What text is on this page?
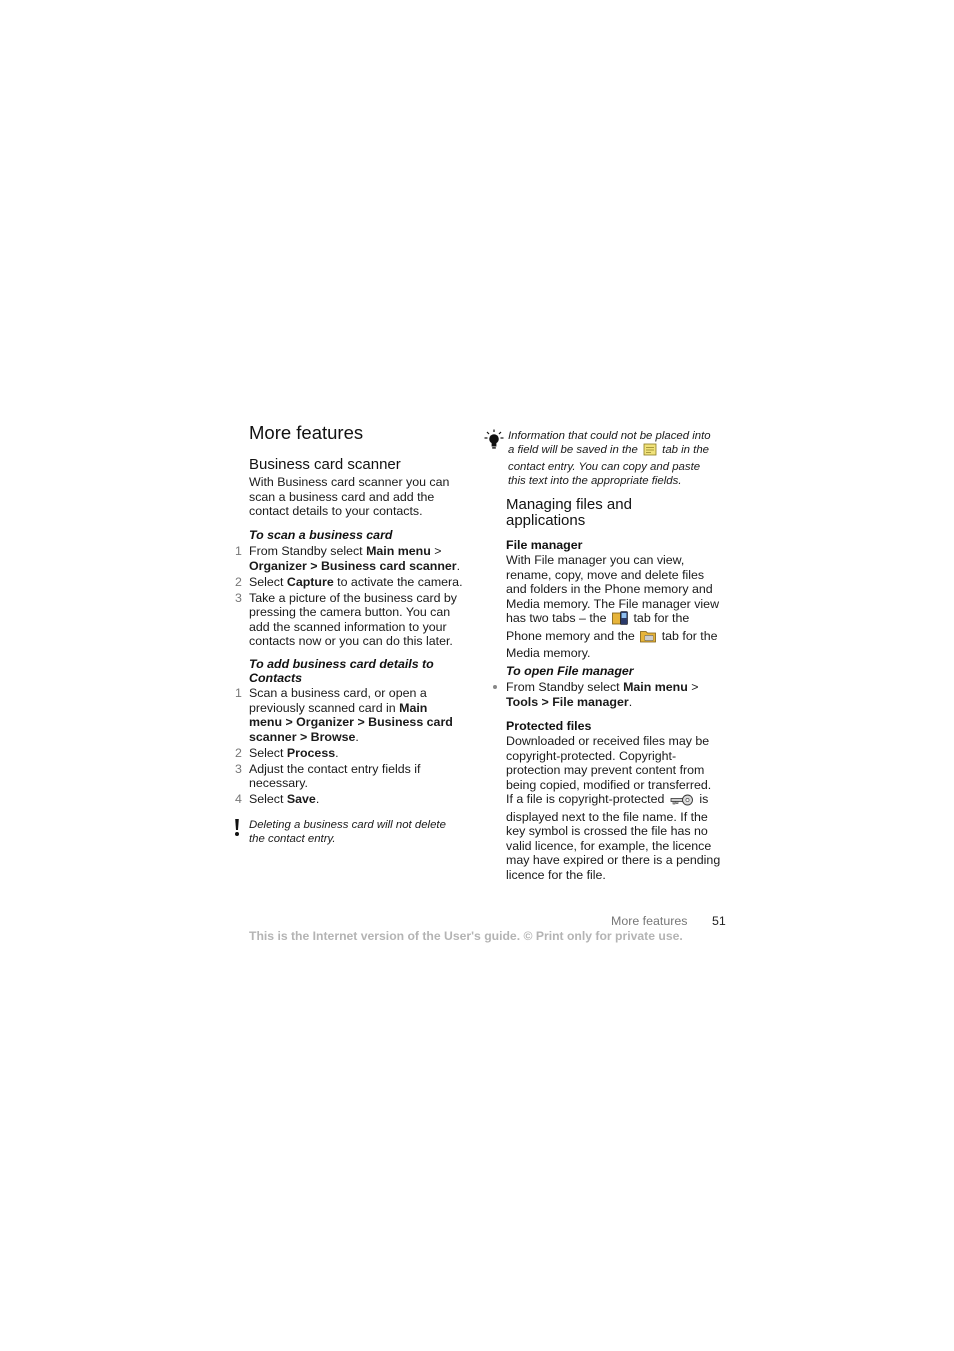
More features
Business card scanner
With Business card scanner you can
scan a business card and add the
contact details to your contacts.
To scan a business card
1 From Standby select Main menu >
Organizer > Business card scanner.
2 Select Capture to activate the camera.
3 Take a picture of the business card by
pressing the camera button. You can
add the scanned information to your
contacts now or you can do this later.
To add business card details to
Contacts
1 Scan a business card, or open a
previously scanned card in Main
menu > Organizer > Business card
scanner > Browse.
2 Select Process.
3 Adjust the contact entry fields if
necessary.
4 Select Save.
Deleting a business card will not delete
the contact entry.
Information that could not be placed into
a field will be saved in the tab in the
contact entry. You can copy and paste
this text into the appropriate fields.
Managing files and
applications
File manager
With File manager you can view,
rename, copy, move and delete files
and folders in the Phone memory and
Media memory. The File manager view
has two tabs – the tab for the
Phone memory and the tab for the
Media memory.
To open File manager
From Standby select Main menu >
Tools > File manager.
Protected files
Downloaded or received files may be
copyright-protected. Copyright-
protection may prevent content from
being copied, modified or transferred.
If a file is copyright-protected	is
displayed next to the file name. If the
key symbol is crossed the file has no
valid licence, for example, the licence
may have expired or there is a pending
licence for the file.
More features 51
This is the Internet version of the User's guide. © Print only for private use.
